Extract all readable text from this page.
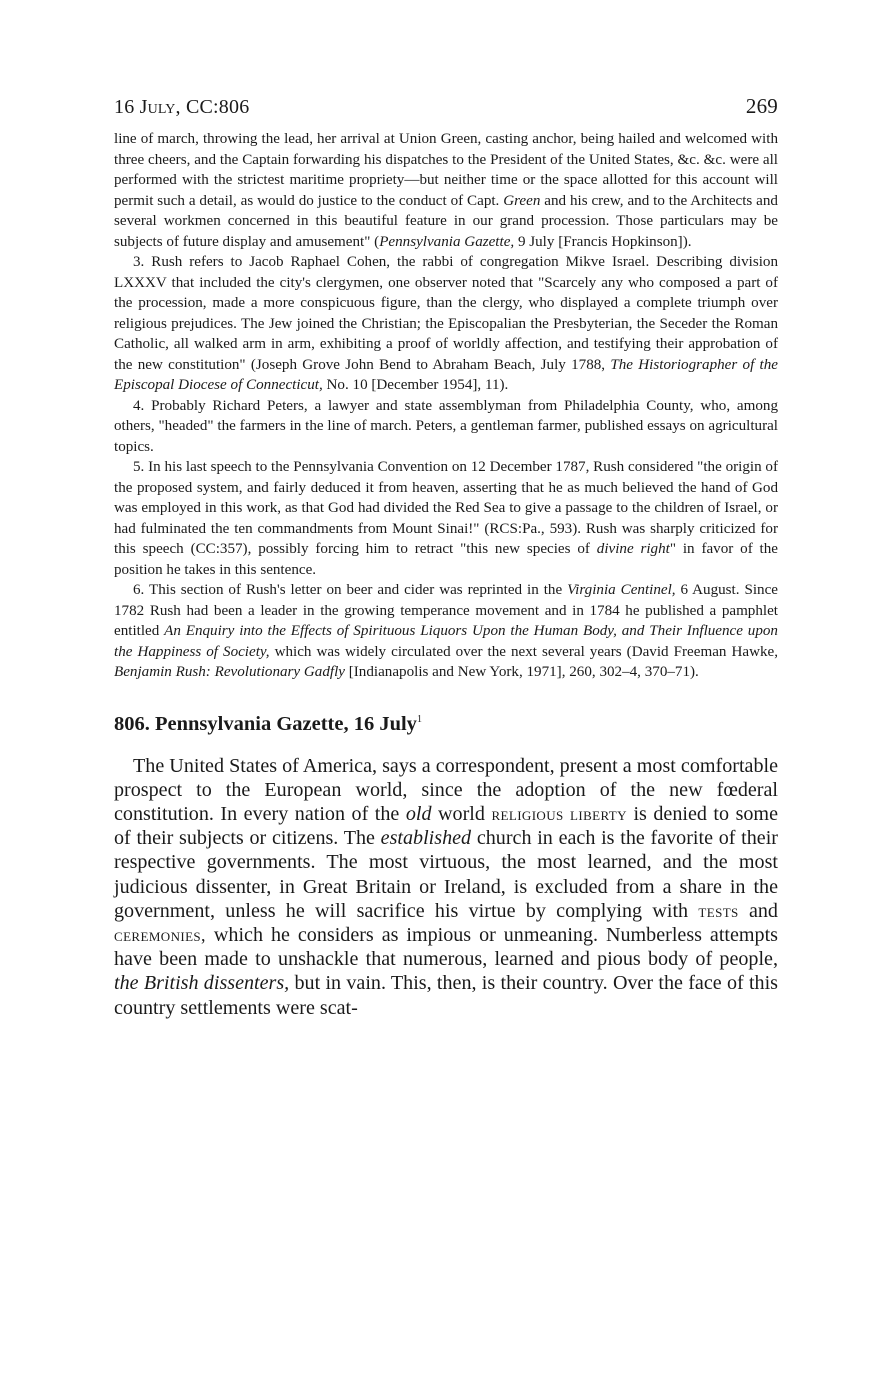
16 July, CC:806	269

line of march, throwing the lead, her arrival at Union Green, casting anchor, being hailed and welcomed with three cheers, and the Captain forwarding his dispatches to the President of the United States, &c. &c. were all performed with the strictest maritime propriety—but neither time or the space allotted for this account will permit such a detail, as would do justice to the conduct of Capt. Green and his crew, and to the Architects and several workmen concerned in this beautiful feature in our grand procession. Those particulars may be subjects of future display and amusement" (Pennsylvania Gazette, 9 July [Francis Hopkinson]).

3. Rush refers to Jacob Raphael Cohen, the rabbi of congregation Mikve Israel. Describing division LXXXV that included the city's clergymen, one observer noted that "Scarcely any who composed a part of the procession, made a more conspicuous figure, than the clergy, who displayed a complete triumph over religious prejudices. The Jew joined the Christian; the Episcopalian the Presbyterian, the Seceder the Roman Catholic, all walked arm in arm, exhibiting a proof of worldly affection, and testifying their approbation of the new constitution" (Joseph Grove John Bend to Abraham Beach, July 1788, The Historiographer of the Episcopal Diocese of Connecticut, No. 10 [December 1954], 11).

4. Probably Richard Peters, a lawyer and state assemblyman from Philadelphia County, who, among others, "headed" the farmers in the line of march. Peters, a gentleman farmer, published essays on agricultural topics.

5. In his last speech to the Pennsylvania Convention on 12 December 1787, Rush considered "the origin of the proposed system, and fairly deduced it from heaven, asserting that he as much believed the hand of God was employed in this work, as that God had divided the Red Sea to give a passage to the children of Israel, or had fulminated the ten commandments from Mount Sinai!" (RCS:Pa., 593). Rush was sharply criticized for this speech (CC:357), possibly forcing him to retract "this new species of divine right" in favor of the position he takes in this sentence.

6. This section of Rush's letter on beer and cider was reprinted in the Virginia Centinel, 6 August. Since 1782 Rush had been a leader in the growing temperance movement and in 1784 he published a pamphlet entitled An Enquiry into the Effects of Spirituous Liquors Upon the Human Body, and Their Influence upon the Happiness of Society, which was widely circulated over the next several years (David Freeman Hawke, Benjamin Rush: Revolutionary Gadfly [Indianapolis and New York, 1971], 260, 302–4, 370–71).

806. Pennsylvania Gazette, 16 July$^1$

The United States of America, says a correspondent, present a most comfortable prospect to the European world, since the adoption of the new fœderal constitution. In every nation of the old world religious liberty is denied to some of their subjects or citizens. The established church in each is the favorite of their respective governments. The most virtuous, the most learned, and the most judicious dissenter, in Great Britain or Ireland, is excluded from a share in the government, unless he will sacrifice his virtue by complying with tests and ceremonies, which he considers as impious or unmeaning. Numberless attempts have been made to unshackle that numerous, learned and pious body of people, the British dissenters, but in vain. This, then, is their country. Over the face of this country settlements were scat-
